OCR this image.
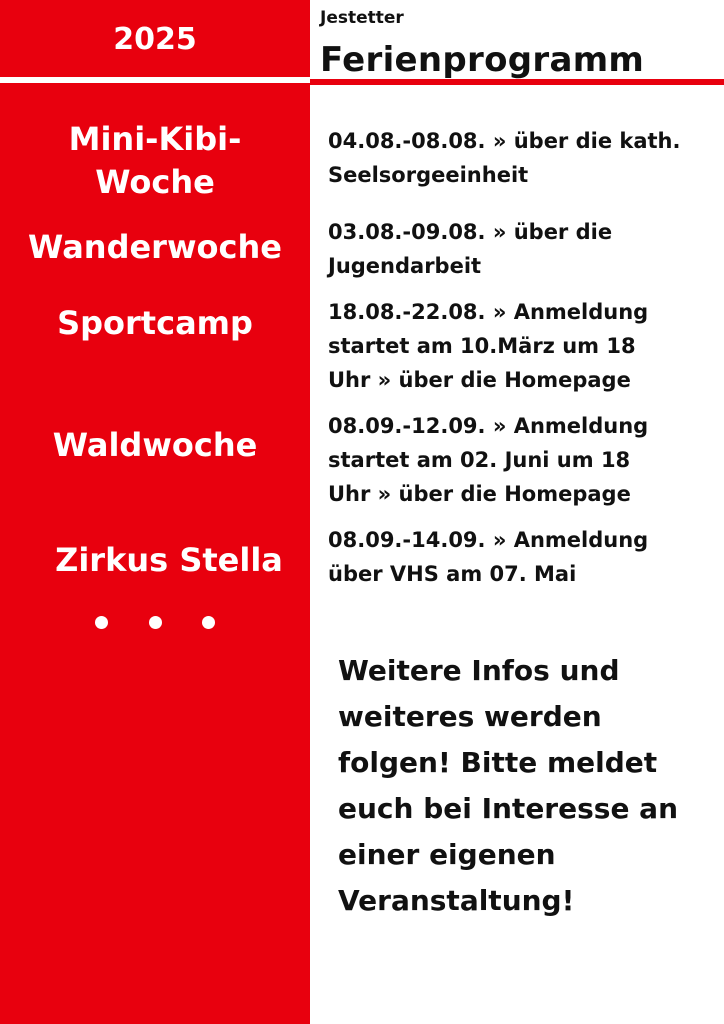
2025
Jestetter
Ferienprogramm
Mini-Kibi-
Woche
Wanderwoche
Sportcamp
Waldwoche
Zirkus Stella
04.08.-08.08. » über die kath. Seelsorgeeinheit
03.08.-09.08. » über die Jugendarbeit
18.08.-22.08. » Anmeldung startet am 10.März um 18 Uhr » über die Homepage
08.09.-12.09. » Anmeldung startet am 02. Juni um 18 Uhr » über die Homepage
08.09.-14.09. » Anmeldung über VHS am 07. Mai
Weitere Infos und weiteres werden folgen! Bitte meldet euch bei Interesse an einer eigenen Veranstaltung!
